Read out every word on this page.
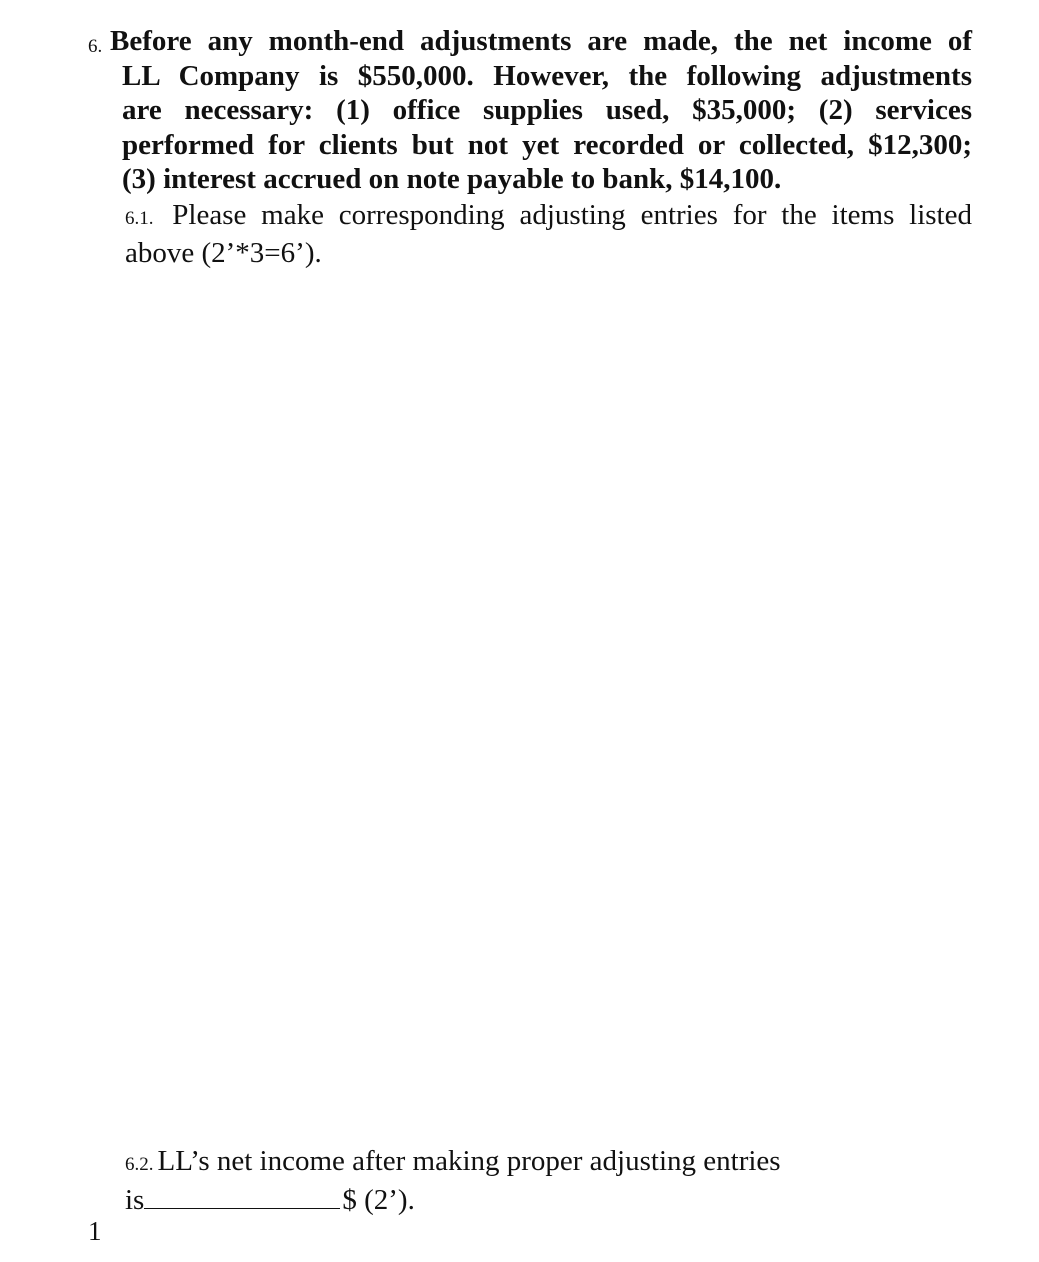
6. Before any month-end adjustments are made, the net income of
LL Company is $550,000. However, the following adjustments
are necessary: (1) office supplies used, $35,000; (2) services
performed for clients but not yet recorded or collected, $12,300;
(3) interest accrued on note payable to bank, $14,100.
6.1. Please make corresponding adjusting entries for the items listed
above (2’*3=6’).
6.2. LL’s net income after making proper adjusting entries
is	$ (2’).
1
